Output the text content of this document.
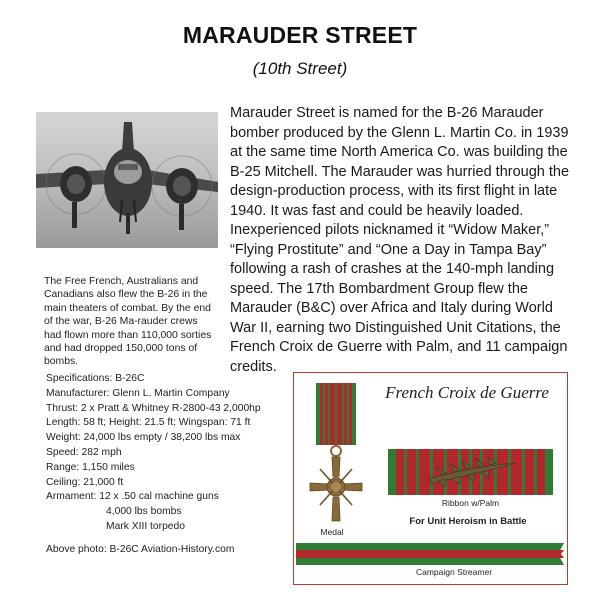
MARAUDER STREET
(10th Street)
Marauder Street is named for the B-26 Marauder bomber produced by the Glenn L. Martin Co. in 1939 at the same time North America Co. was building the B-25 Mitchell. The Marauder was hurried through the design-production process, with its first flight in late 1940. It was fast and could be heavily loaded. Inexperienced pilots nicknamed it “Widow Maker,” “Flying Prostitute” and “One a Day in Tampa Bay” following a rash of crashes at the 140-mph landing speed. The 17th Bombardment Group flew the Marauder (B&C) over Africa and Italy during World War II, earning two Distinguished Unit Citations, the French Croix de Guerre with Palm, and 11 campaign credits.
The Free French, Australians and Canadians also flew the B-26 in the main theaters of combat. By the end of the war, B-26 Ma-rauder crews had flown more than 110,000 sorties and had dropped 150,000 tons of bombs.
Specifications: B-26C
Manufacturer: Glenn L. Martin Company
Thrust: 2 x Pratt & Whitney R-2800-43 2,000hp
Length: 58 ft; Height: 21.5 ft; Wingspan: 71 ft
Weight: 24,000 lbs empty / 38,200 lbs max
Speed: 282 mph
Range: 1,150 miles
Ceiling: 21,000 ft
Armament: 12 x .50 cal machine guns
4,000 lbs bombs
Mark XIII torpedo
Above photo: B-26C Aviation-History.com
French Croix de Guerre
Medal
Ribbon w/Palm
For Unit Heroism in Battle
Campaign Streamer
